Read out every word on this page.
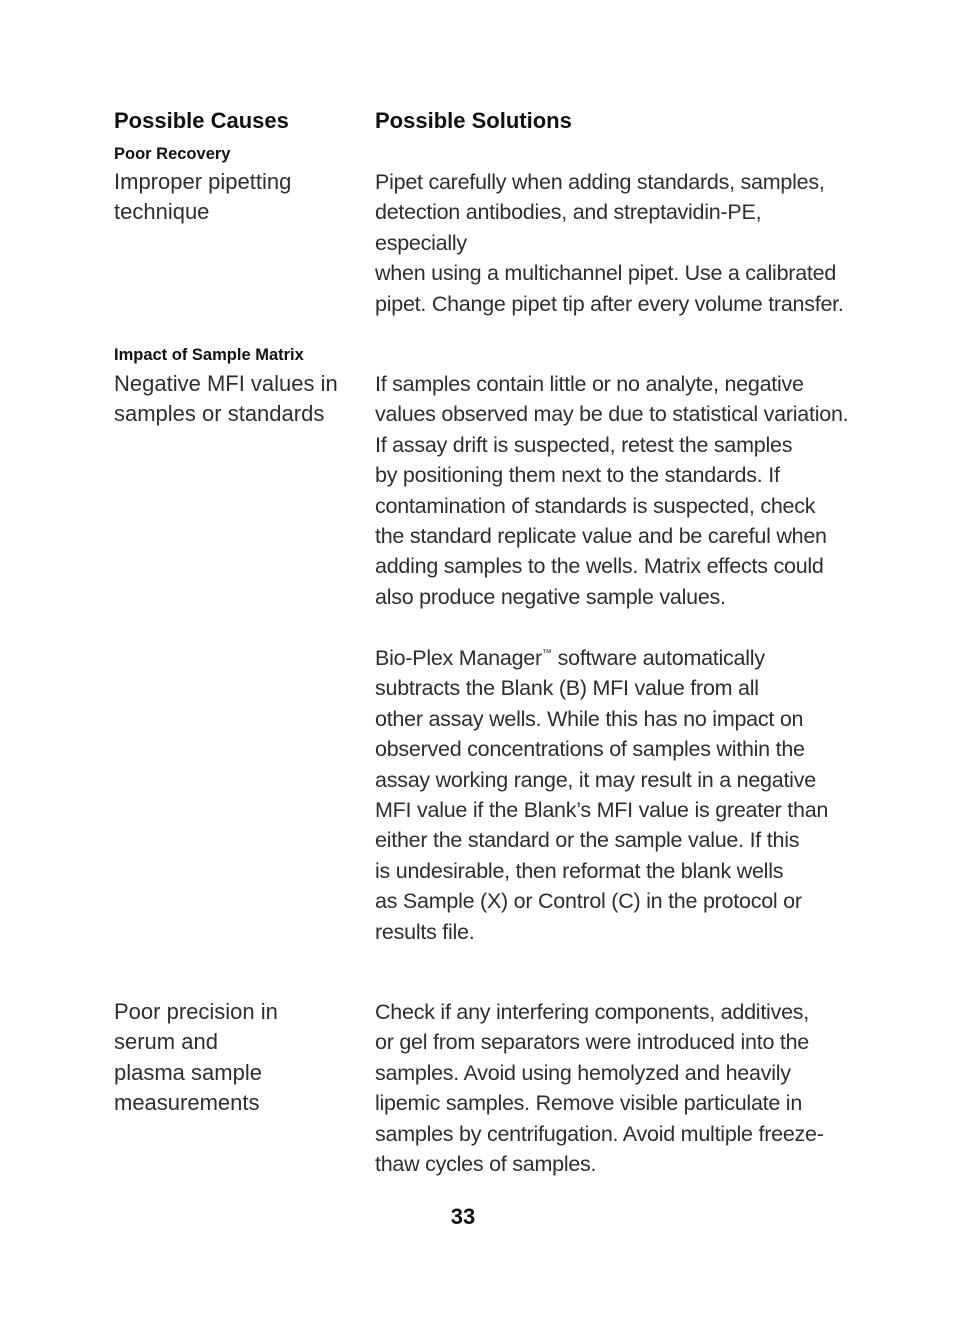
Possible Causes	Possible Solutions
Poor Recovery
Improper pipetting
technique
Pipet carefully when adding standards, samples,
detection antibodies, and streptavidin-PE, especially
when using a multichannel pipet. Use a calibrated
pipet. Change pipet tip after every volume transfer.
Impact of Sample Matrix
Negative MFI values in
samples or standards
If samples contain little or no analyte, negative
values observed may be due to statistical variation.
If assay drift is suspected, retest the samples
by positioning them next to the standards. If
contamination of standards is suspected, check
the standard replicate value and be careful when
adding samples to the wells. Matrix effects could
also produce negative sample values.
Bio-Plex Manager™ software automatically
subtracts the Blank (B) MFI value from all
other assay wells. While this has no impact on
observed concentrations of samples within the
assay working range, it may result in a negative
MFI value if the Blank’s MFI value is greater than
either the standard or the sample value. If this
is undesirable, then reformat the blank wells
as Sample (X) or Control (C) in the protocol or
results file.
Poor precision in
serum and
plasma sample
measurements
Check if any interfering components, additives,
or gel from separators were introduced into the
samples. Avoid using hemolyzed and heavily
lipemic samples. Remove visible particulate in
samples by centrifugation. Avoid multiple freeze-
thaw cycles of samples.
33
